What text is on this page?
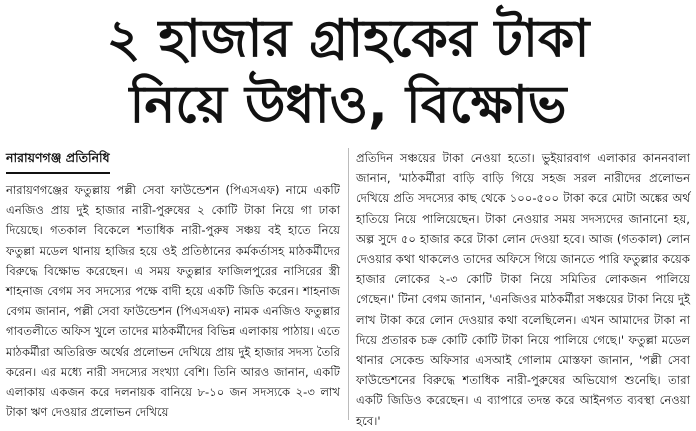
২ হাজার গ্রাহকের টাকা
নিয়ে উধাও, বিক্ষোভ
নারায়ণগঞ্জ প্রতিনিধি

নারায়ণগঞ্জের ফতুল্লায় পল্লী সেবা ফাউন্ডেশন (পিএসএফ) নামে একটি এনজিও প্রায় দুই হাজার নারী-পুরুষের ২ কোটি টাকা নিয়ে গা ঢাকা দিয়েছে। গতকাল বিকেলে শতাধিক নারী-পুরুষ সঞ্চয় বই হাতে নিয়ে ফতুল্লা মডেল থানায় হাজির হয়ে ওই প্রতিষ্ঠানের কর্মকর্তাসহ মাঠকর্মীদের বিরুদ্ধে বিক্ষোভ করেছেন। এ সময় ফতুল্লার ফাজিলপুরের নাসিরের স্ত্রী শাহনাজ বেগম সব সদস্যের পক্ষে বাদী হয়ে একটি জিডি করেন। শাহনাজ বেগম জানান, পল্লী সেবা ফাউন্ডেশন (পিএসএফ) নামক এনজিও ফতুল্লার গাবতলীতে অফিস খুলে তাদের মাঠকর্মীদের বিভিন্ন এলাকায় পাঠায়। এতে মাঠকর্মীরা অতিরিক্ত অর্থের প্রলোভন দেখিয়ে প্রায় দুই হাজার সদস্য তৈরি করেন। এর মধ্যে নারী সদস্যের সংখ্যা বেশি। তিনি আরও জানান, একটি এলাকায় একজন করে দলনায়ক বানিয়ে ৮-১০ জন সদস্যকে ২-৩ লাখ টাকা ঋণ দেওয়ার প্রলোভন দেখিয়ে

প্রতিদিন সঞ্চয়ের টাকা নেওয়া হতো। ভুইয়ারবাগ এলাকার কাননবালা জানান, 'মাঠকর্মীরা বাড়ি বাড়ি গিয়ে সহজ সরল নারীদের প্রলোভন দেখিয়ে প্রতি সদস্যের কাছ থেকে ১০০-৫০০ টাকা করে মোটা অঙ্কের অর্থ হাতিয়ে নিয়ে পালিয়েছেন। টাকা নেওয়ার সময় সদস্যদের জানানো হয়, অল্প সুদে ৫০ হাজার করে টাকা লোন দেওয়া হবে। আজ (গতকাল) লোন দেওয়ার কথা থাকলেও তাদের অফিসে গিয়ে জানতে পারি ফতুল্লার কয়েক হাজার লোকের ২-৩ কোটি টাকা নিয়ে সমিতির লোকজন পালিয়ে গেছেন।' টিনা বেগম জানান, 'এনজিওর মাঠকর্মীরা সঞ্চয়ের টাকা নিয়ে দুই লাখ টাকা করে লোন দেওয়ার কথা বলেছিলেন। এখন আমাদের টাকা না দিয়ে প্রতারক চক্র কোটি কোটি টাকা নিয়ে পালিয়ে গেছে।' ফতুল্লা মডেল থানার সেকেন্ড অফিসার এসআই গোলাম মোস্তফা জানান, 'পল্লী সেবা ফাউন্ডেশনের বিরুদ্ধে শতাধিক নারী-পুরুষের অভিযোগ শুনেছি। তারা একটি জিডিও করেছেন। এ ব্যাপারে তদন্ত করে আইনগত ব্যবস্থা নেওয়া হবে।'
